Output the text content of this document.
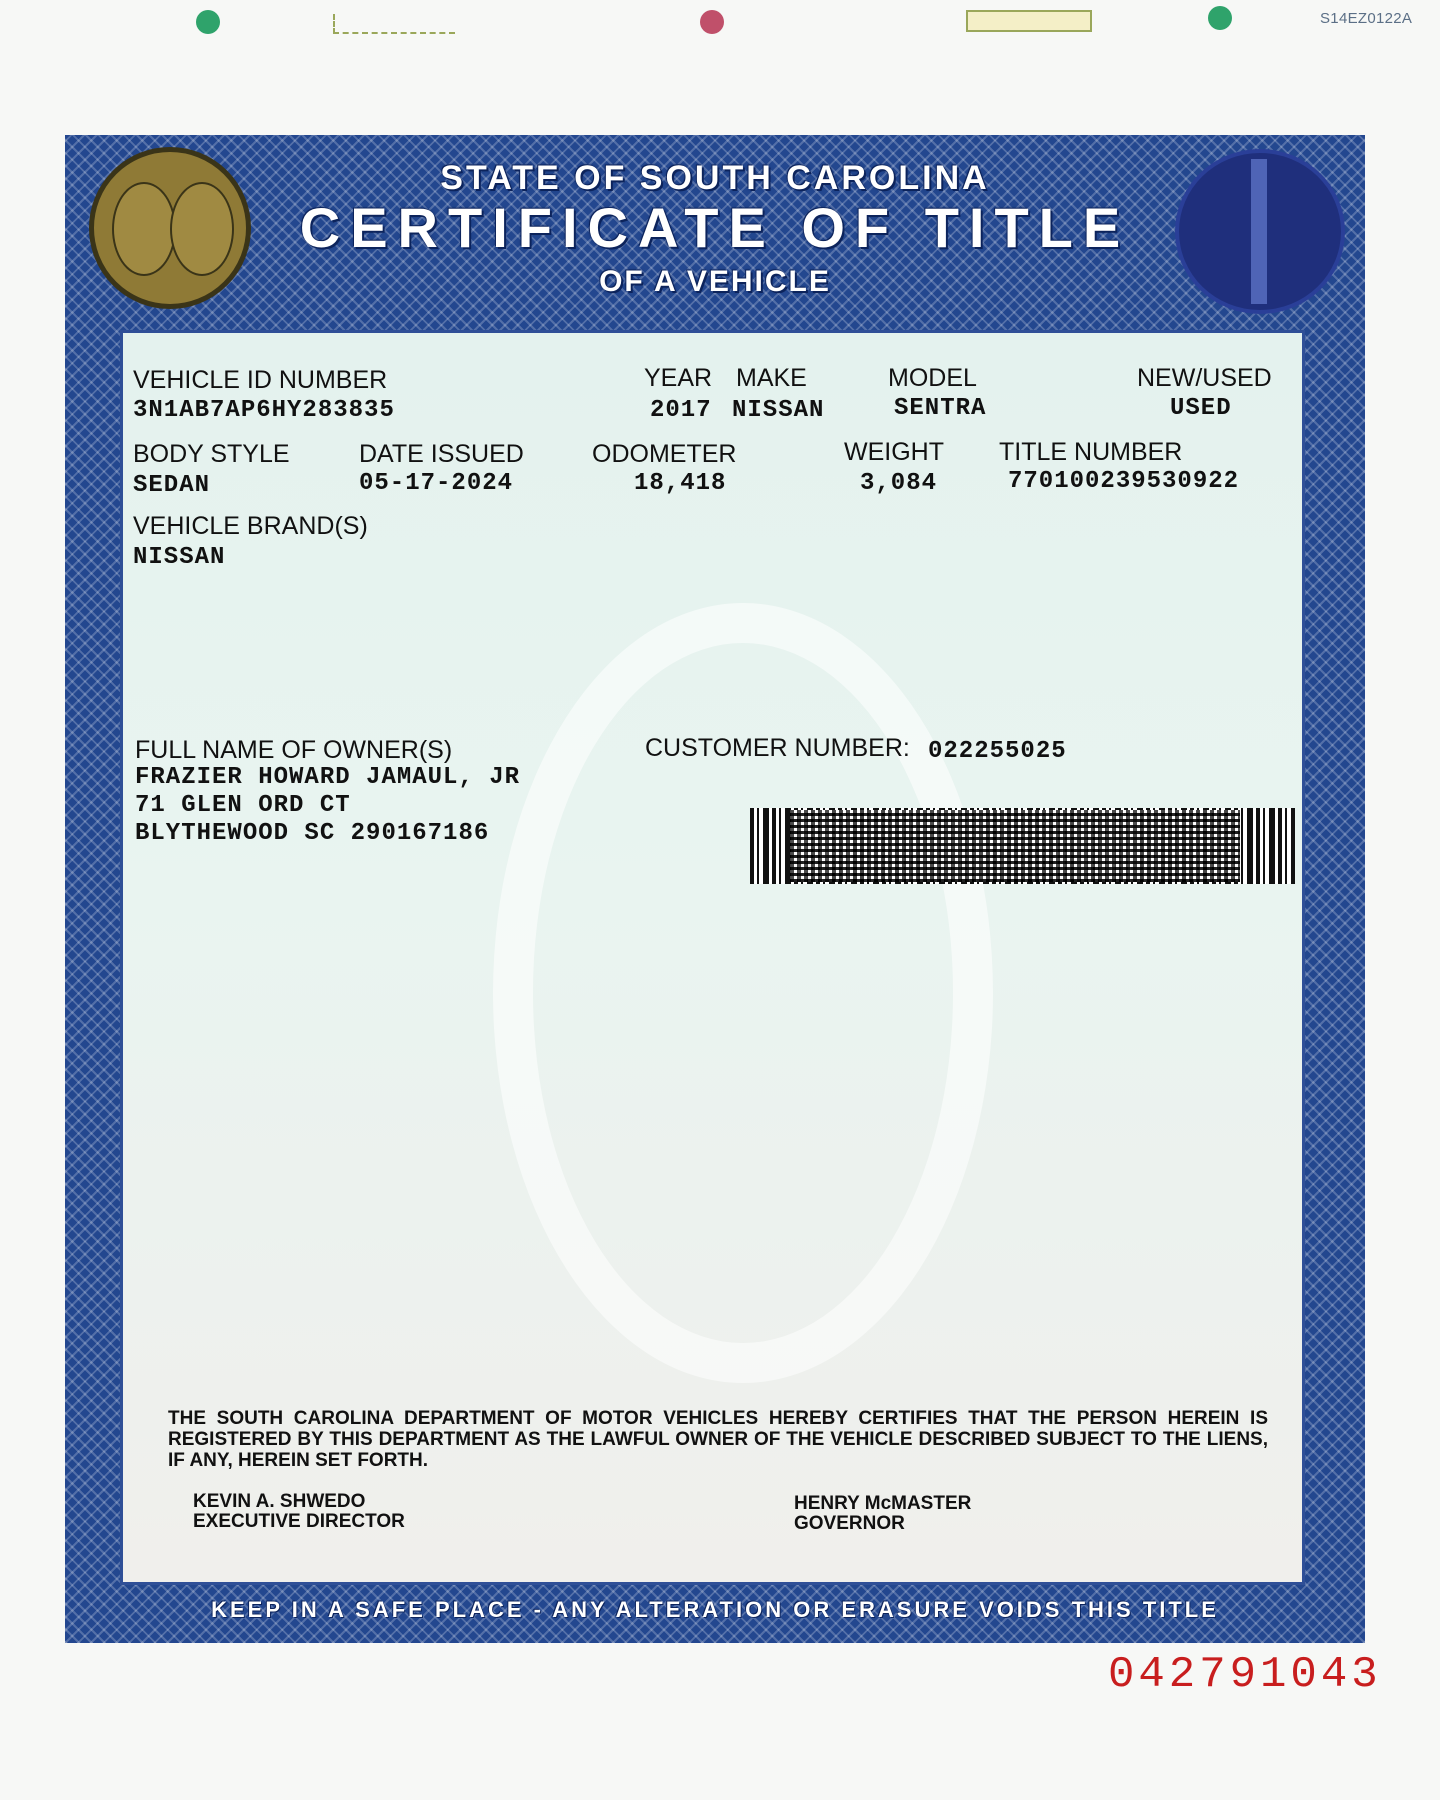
S14EZ0122A
STATE OF SOUTH CAROLINA
CERTIFICATE OF TITLE
OF A VEHICLE
KEEP IN A SAFE PLACE - ANY ALTERATION OR ERASURE VOIDS THIS TITLE
VEHICLE ID NUMBER
3N1AB7AP6HY283835
YEAR
2017
MAKE
NISSAN
MODEL
SENTRA
NEW/USED
USED
BODY STYLE
SEDAN
DATE ISSUED
05-17-2024
ODOMETER
18,418
WEIGHT
3,084
TITLE NUMBER
770100239530922
VEHICLE BRAND(S)
NISSAN
FULL NAME OF OWNER(S)
FRAZIER HOWARD JAMAUL, JR
71 GLEN ORD CT
BLYTHEWOOD SC 290167186
CUSTOMER NUMBER: 022255025
THE SOUTH CAROLINA DEPARTMENT OF MOTOR VEHICLES HEREBY CERTIFIES THAT THE PERSON HEREIN IS REGISTERED BY THIS DEPARTMENT AS THE LAWFUL OWNER OF THE VEHICLE DESCRIBED SUBJECT TO THE LIENS, IF ANY, HEREIN SET FORTH.
KEVIN A. SHWEDO
EXECUTIVE DIRECTOR
HENRY McMASTER
GOVERNOR
042791043
